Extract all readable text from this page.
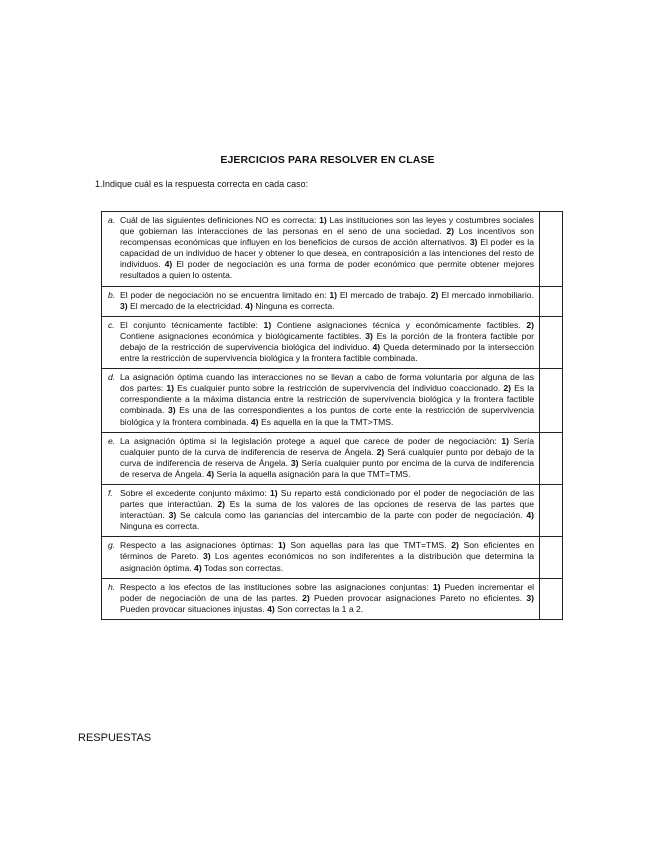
EJERCICIOS PARA RESOLVER EN CLASE
1.Indique cuál es la respuesta correcta en cada caso:
a. Cuál de las siguientes definiciones NO es correcta: 1) Las instituciones son las leyes y costumbres sociales que gobiernan las interacciones de las personas en el seno de una sociedad. 2) Los incentivos son recompensas económicas que influyen en los beneficios de cursos de acción alternativos. 3) El poder es la capacidad de un individuo de hacer y obtener lo que desea, en contraposición a las intenciones del resto de individuos. 4) El poder de negociación es una forma de poder económico que permite obtener mejores resultados a quien lo ostenta.	

b. El poder de negociación no se encuentra limitado en: 1) El mercado de trabajo. 2) El mercado inmobiliario. 3) El mercado de la electricidad. 4) Ninguna es correcta.	

c. El conjunto técnicamente factible: 1) Contiene asignaciones técnica y económicamente factibles. 2) Contiene asignaciones económica y biológicamente factibles. 3) Es la porción de la frontera factible por debajo de la restricción de supervivencia biológica del individuo. 4) Queda determinado por la intersección entre la restricción de supervivencia biológica y la frontera factible combinada.	

d. La asignación óptima cuando las interacciones no se llevan a cabo de forma voluntaria por alguna de las dos partes: 1) Es cualquier punto sobre la restricción de supervivencia del individuo coaccionado. 2) Es la correspondiente a la máxima distancia entre la restricción de supervivencia biológica y la frontera factible combinada. 3) Es una de las correspondientes a los puntos de corte ente la restricción de supervivencia biológica y la frontera combinada. 4) Es aquella en la que la TMT>TMS.	

e. La asignación óptima si la legislación protege a aquel que carece de poder de negociación: 1) Sería cualquier punto de la curva de indiferencia de reserva de Ángela. 2) Será cualquier punto por debajo de la curva de indiferencia de reserva de Ángela. 3) Sería cualquier punto por encima de la curva de indiferencia de reserva de Ángela. 4) Sería la aquella asignación para la que TMT=TMS.	

f. Sobre el excedente conjunto máximo: 1) Su reparto está condicionado por el poder de negociación de las partes que interactúan. 2) Es la suma de los valores de las opciones de reserva de las partes que interactúan. 3) Se calcula como las ganancias del intercambio de la parte con poder de negociación. 4) Ninguna es correcta.	

g. Respecto a las asignaciones óptimas: 1) Son aquellas para las que TMT=TMS. 2) Son eficientes en términos de Pareto. 3) Los agentes económicos no son indiferentes a la distribución que determina la asignación óptima. 4) Todas son correctas.	

h. Respecto a los efectos de las instituciones sobre las asignaciones conjuntas: 1) Pueden incrementar el poder de negociación de una de las partes. 2) Pueden provocar asignaciones Pareto no eficientes. 3) Pueden provocar situaciones injustas. 4) Son correctas la 1 a 2.	

RESPUESTAS
